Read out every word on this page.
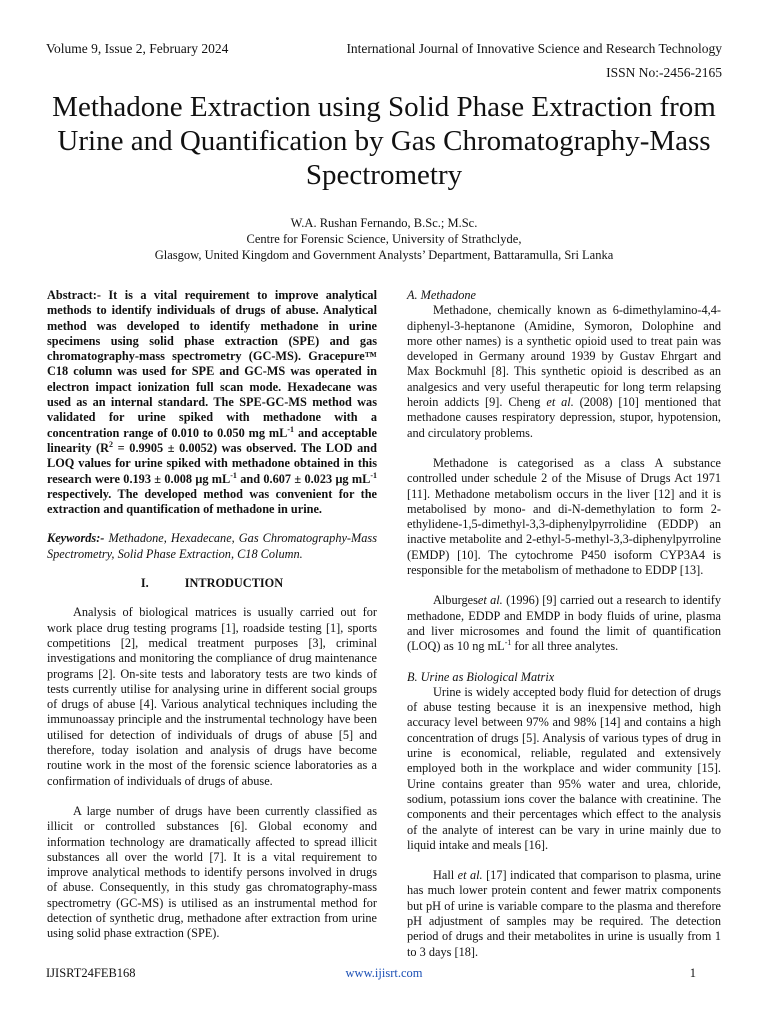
Volume 9, Issue 2, February 2024	International Journal of Innovative Science and Research Technology
ISSN No:-2456-2165
Methadone Extraction using Solid Phase Extraction from Urine and Quantification by Gas Chromatography-Mass Spectrometry
W.A. Rushan Fernando, B.Sc.; M.Sc.
Centre for Forensic Science, University of Strathclyde,
Glasgow, United Kingdom and Government Analysts’ Department, Battaramulla, Sri Lanka

Abstract:- It is a vital requirement to improve analytical methods to identify individuals of drugs of abuse. Analytical method was developed to identify methadone in urine specimens using solid phase extraction (SPE) and gas chromatography-mass spectrometry (GC-MS). Gracepure™ C18 column was used for SPE and GC-MS was operated in electron impact ionization full scan mode. Hexadecane was used as an internal standard. The SPE-GC-MS method was validated for urine spiked with methadone with a concentration range of 0.010 to 0.050 mg $mL^{-1}$ and acceptable linearity $(R^2 = 0.9905 \pm 0.0052)$ was observed. The LOD and LOQ values for urine spiked with methadone obtained in this research were 0.193 ± 0.008 μg $mL^{-1}$ and 0.607 ± 0.023 μg $mL^{-1}$ respectively. The developed method was convenient for the extraction and quantification of methadone in urine.

Keywords:- Methadone, Hexadecane, Gas Chromatography-Mass Spectrometry, Solid Phase Extraction, C18 Column.

I.	INTRODUCTION

Analysis of biological matrices is usually carried out for work place drug testing programs [1], roadside testing [1], sports competitions [2], medical treatment purposes [3], criminal investigations and monitoring the compliance of drug maintenance programs [2]. On-site tests and laboratory tests are two kinds of tests currently utilise for analysing urine in different social groups of drugs of abuse [4]. Various analytical techniques including the immunoassay principle and the instrumental technology have been utilised for detection of individuals of drugs of abuse [5] and therefore, today isolation and analysis of drugs have become routine work in the most of the forensic science laboratories as a confirmation of individuals of drugs of abuse.

A large number of drugs have been currently classified as illicit or controlled substances [6]. Global economy and information technology are dramatically affected to spread illicit substances all over the world [7]. It is a vital requirement to improve analytical methods to identify persons involved in drugs of abuse. Consequently, in this study gas chromatography-mass spectrometry (GC-MS) is utilised as an instrumental method for detection of synthetic drug, methadone after extraction from urine using solid phase extraction (SPE).

A. Methadone

Methadone, chemically known as 6-dimethylamino-4,4-diphenyl-3-heptanone (Amidine, Symoron, Dolophine and more other names) is a synthetic opioid used to treat pain was developed in Germany around 1939 by Gustav Ehrgart and Max Bockmuhl [8]. This synthetic opioid is described as an analgesics and very useful therapeutic for long term relapsing heroin addicts [9]. Cheng et al. (2008) [10] mentioned that methadone causes respiratory depression, stupor, hypotension, and circulatory problems.

Methadone is categorised as a class A substance controlled under schedule 2 of the Misuse of Drugs Act 1971 [11]. Methadone metabolism occurs in the liver [12] and it is metabolised by mono- and di-N-demethylation to form 2-ethylidene-1,5-dimethyl-3,3-diphenylpyrrolidine (EDDP) an inactive metabolite and 2-ethyl-5-methyl-3,3-diphenylpyrroline (EMDP) [10]. The cytochrome P450 isoform CYP3A4 is responsible for the metabolism of methadone to EDDP [13].

Alburgeset al. (1996) [9] carried out a research to identify methadone, EDDP and EMDP in body fluids of urine, plasma and liver microsomes and found the limit of quantification (LOQ) as 10 ng $mL^{-1}$ for all three analytes.

B. Urine as Biological Matrix

Urine is widely accepted body fluid for detection of drugs of abuse testing because it is an inexpensive method, high accuracy level between 97% and 98% [14] and contains a high concentration of drugs [5]. Analysis of various types of drug in urine is economical, reliable, regulated and extensively employed both in the workplace and wider community [15]. Urine contains greater than 95% water and urea, chloride, sodium, potassium ions cover the balance with creatinine. The components and their percentages which effect to the analysis of the analyte of interest can be vary in urine mainly due to liquid intake and meals [16].

Hall et al. [17] indicated that comparison to plasma, urine has much lower protein content and fewer matrix components but pH of urine is variable compare to the plasma and therefore pH adjustment of samples may be required. The detection period of drugs and their metabolites in urine is usually from 1 to 3 days [18].

IJISRT24FEB168	www.ijisrt.com	1
